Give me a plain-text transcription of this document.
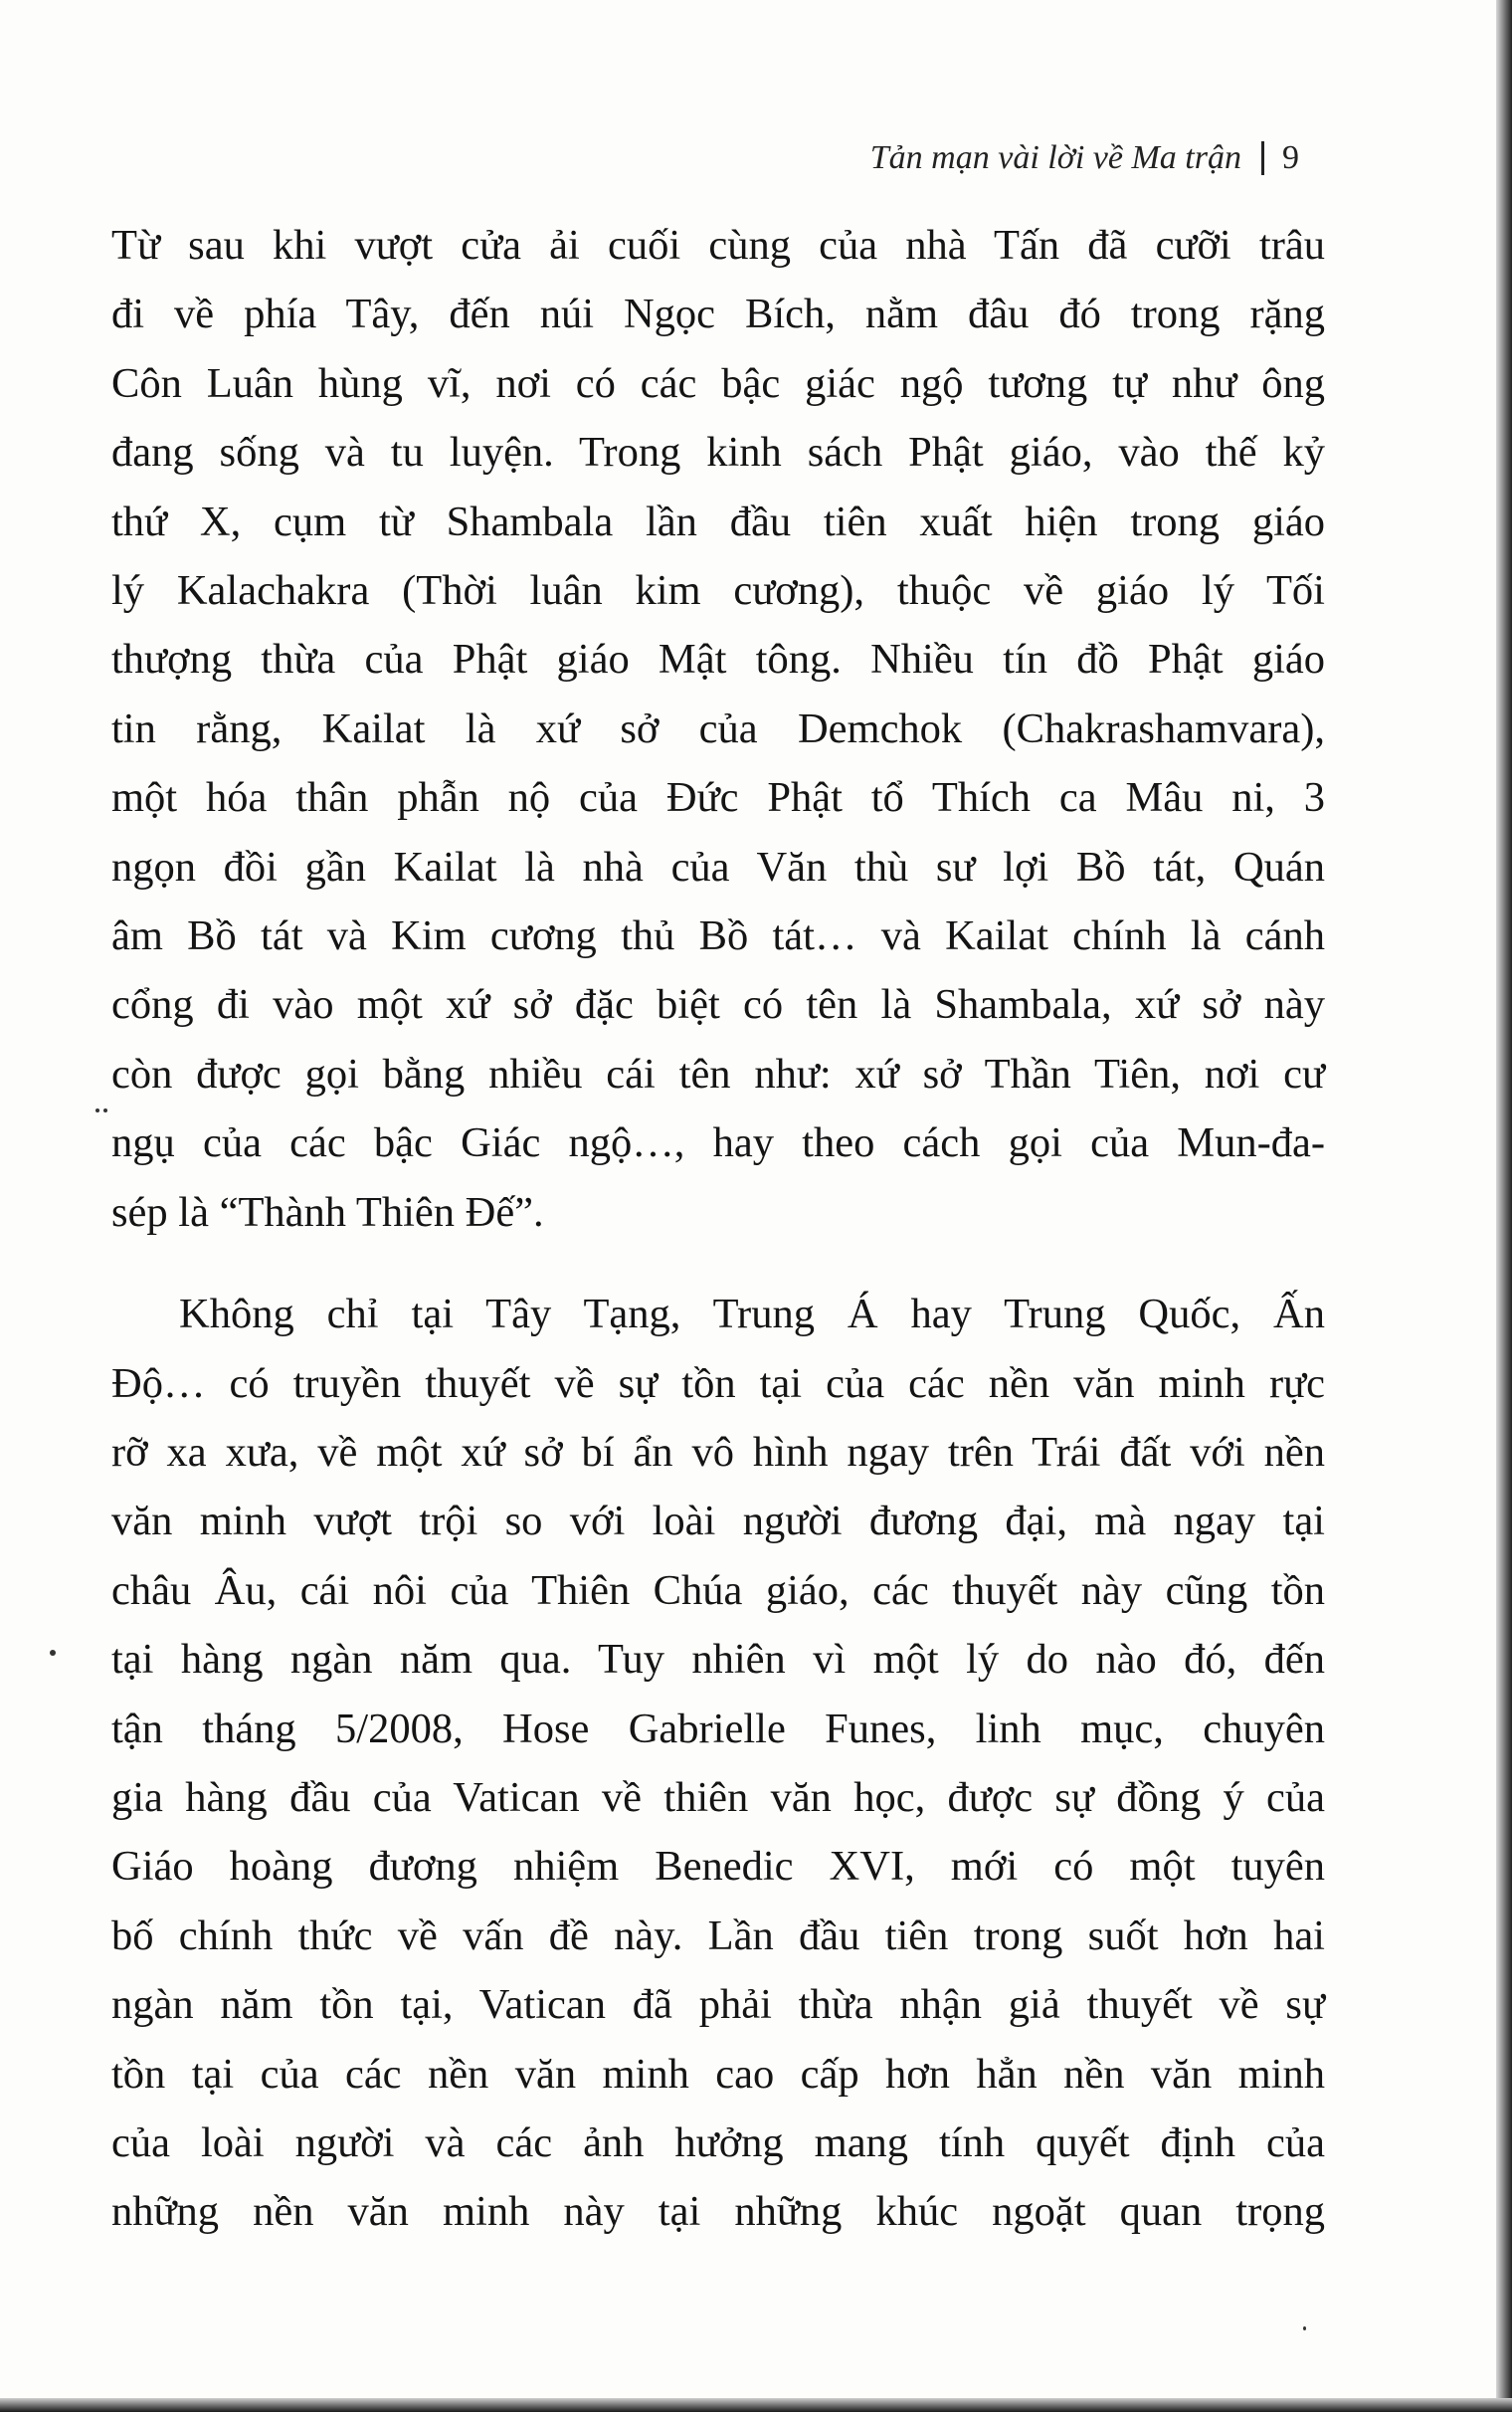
Tản mạn vài lời về Ma trận 9

Từ sau khi vượt cửa ải cuối cùng của nhà Tấn đã cưỡi trâu
đi về phía Tây, đến núi Ngọc Bích, nằm đâu đó trong rặng
Côn Luân hùng vĩ, nơi có các bậc giác ngộ tương tự như ông
đang sống và tu luyện. Trong kinh sách Phật giáo, vào thế kỷ
thứ X, cụm từ Shambala lần đầu tiên xuất hiện trong giáo
lý Kalachakra (Thời luân kim cương), thuộc về giáo lý Tối
thượng thừa của Phật giáo Mật tông. Nhiều tín đồ Phật giáo
tin rằng, Kailat là xứ sở của Demchok (Chakrashamvara),
một hóa thân phẫn nộ của Đức Phật tổ Thích ca Mâu ni, 3
ngọn đồi gần Kailat là nhà của Văn thù sư lợi Bồ tát, Quán
âm Bồ tát và Kim cương thủ Bồ tát… và Kailat chính là cánh
cổng đi vào một xứ sở đặc biệt có tên là Shambala, xứ sở này
còn được gọi bằng nhiều cái tên như: xứ sở Thần Tiên, nơi cư
ngụ của các bậc Giác ngộ…, hay theo cách gọi của Mun-đa-
sép là “Thành Thiên Đế”.

Không chỉ tại Tây Tạng, Trung Á hay Trung Quốc, Ấn
Độ… có truyền thuyết về sự tồn tại của các nền văn minh rực
rỡ xa xưa, về một xứ sở bí ẩn vô hình ngay trên Trái đất với nền
văn minh vượt trội so với loài người đương đại, mà ngay tại
châu Âu, cái nôi của Thiên Chúa giáo, các thuyết này cũng tồn
tại hàng ngàn năm qua. Tuy nhiên vì một lý do nào đó, đến
tận tháng 5/2008, Hose Gabrielle Funes, linh mục, chuyên
gia hàng đầu của Vatican về thiên văn học, được sự đồng ý của
Giáo hoàng đương nhiệm Benedic XVI, mới có một tuyên
bố chính thức về vấn đề này. Lần đầu tiên trong suốt hơn hai
ngàn năm tồn tại, Vatican đã phải thừa nhận giả thuyết về sự
tồn tại của các nền văn minh cao cấp hơn hẳn nền văn minh
của loài người và các ảnh hưởng mang tính quyết định của
những nền văn minh này tại những khúc ngoặt quan trọng
